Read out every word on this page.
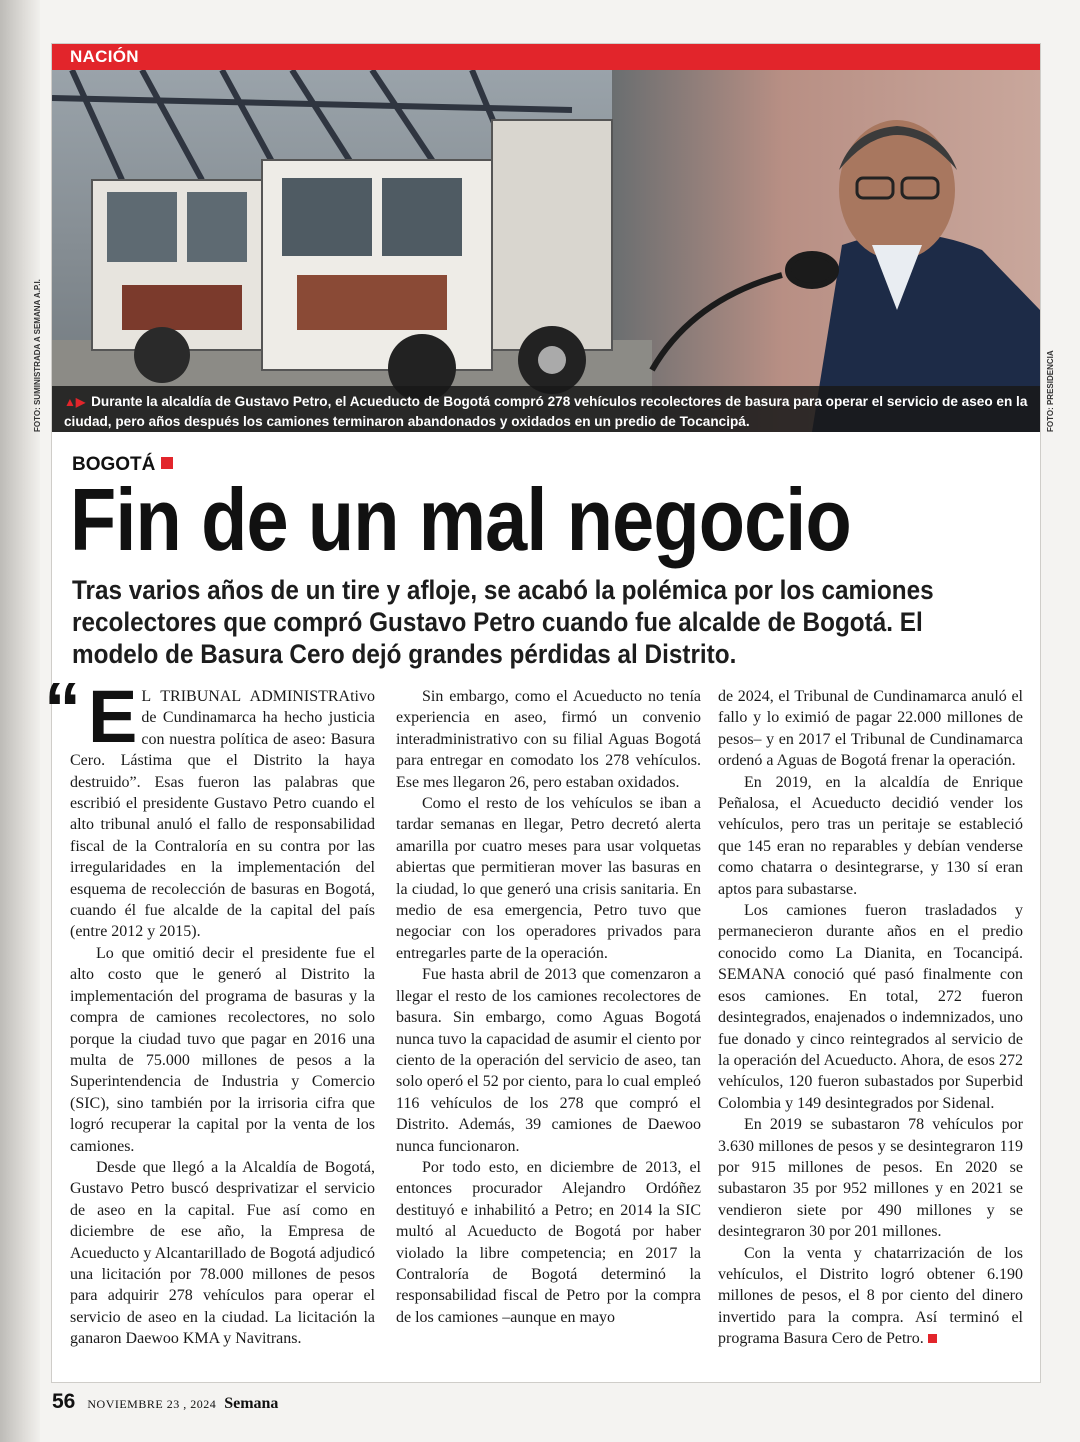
FOTO: SUMINISTRADA A SEMANA A.P.I.	FOTO: PRESIDENCIA
NACIÓN
▲▶ Durante la alcaldía de Gustavo Petro, el Acueducto de Bogotá compró 278 vehículos recolectores de basura para operar el servicio de aseo en la ciudad, pero años después los camiones terminaron abandonados y oxidados en un predio de Tocancipá.
BOGOTÁ
Fin de un mal negocio
Tras varios años de un tire y afloje, se acabó la polémica por los camiones recolectores que compró Gustavo Petro cuando fue alcalde de Bogotá. El modelo de Basura Cero dejó grandes pérdidas al Distrito.
“ E L TRIBUNAL ADMINISTRAtivo de Cundinamarca ha hecho justicia con nuestra política de aseo: Basura Cero. Lástima que el Distrito la haya destruido”. Esas fueron las palabras que escribió el presidente Gustavo Petro cuando el alto tribunal anuló el fallo de responsabilidad fiscal de la Contraloría en su contra por las irregularidades en la implementación del esquema de recolección de basuras en Bogotá, cuando él fue alcalde de la capital del país (entre 2012 y 2015).

Lo que omitió decir el presidente fue el alto costo que le generó al Distrito la implementación del programa de basuras y la compra de camiones recolectores, no solo porque la ciudad tuvo que pagar en 2016 una multa de 75.000 millones de pesos a la Superintendencia de Industria y Comercio (SIC), sino también por la irrisoria cifra que logró recuperar la capital por la venta de los camiones.

Desde que llegó a la Alcaldía de Bogotá, Gustavo Petro buscó desprivatizar el servicio de aseo en la capital. Fue así como en diciembre de ese año, la Empresa de Acueducto y Alcantarillado de Bogotá adjudicó una licitación por 78.000 millones de pesos para adquirir 278 vehículos para operar el servicio de aseo en la ciudad. La licitación la ganaron Daewoo KMA y Navitrans.

Sin embargo, como el Acueducto no tenía experiencia en aseo, firmó un convenio interadministrativo con su filial Aguas Bogotá para entregar en comodato los 278 vehículos. Ese mes llegaron 26, pero estaban oxidados.

Como el resto de los vehículos se iban a tardar semanas en llegar, Petro decretó alerta amarilla por cuatro meses para usar volquetas abiertas que permitieran mover las basuras en la ciudad, lo que generó una crisis sanitaria. En medio de esa emergencia, Petro tuvo que negociar con los operadores privados para entregarles parte de la operación.

Fue hasta abril de 2013 que comenzaron a llegar el resto de los camiones recolectores de basura. Sin embargo, como Aguas Bogotá nunca tuvo la capacidad de asumir el ciento por ciento de la operación del servicio de aseo, tan solo operó el 52 por ciento, para lo cual empleó 116 vehículos de los 278 que compró el Distrito. Además, 39 camiones de Daewoo nunca funcionaron.

Por todo esto, en diciembre de 2013, el entonces procurador Alejandro Ordóñez destituyó e inhabilitó a Petro; en 2014 la SIC multó al Acueducto de Bogotá por haber violado la libre competencia; en 2017 la Contraloría de Bogotá determinó la responsabilidad fiscal de Petro por la compra de los camiones –aunque en mayo

de 2024, el Tribunal de Cundinamarca anuló el fallo y lo eximió de pagar 22.000 millones de pesos– y en 2017 el Tribunal de Cundinamarca ordenó a Aguas de Bogotá frenar la operación.

En 2019, en la alcaldía de Enrique Peñalosa, el Acueducto decidió vender los vehículos, pero tras un peritaje se estableció que 145 eran no reparables y debían venderse como chatarra o desintegrarse, y 130 sí eran aptos para subastarse.

Los camiones fueron trasladados y permanecieron durante años en el predio conocido como La Dianita, en Tocancipá. SEMANA conoció qué pasó finalmente con esos camiones. En total, 272 fueron desintegrados, enajenados o indemnizados, uno fue donado y cinco reintegrados al servicio de la operación del Acueducto. Ahora, de esos 272 vehículos, 120 fueron subastados por Superbid Colombia y 149 desintegrados por Sidenal.

En 2019 se subastaron 78 vehículos por 3.630 millones de pesos y se desintegraron 119 por 915 millones de pesos. En 2020 se subastaron 35 por 952 millones y en 2021 se vendieron siete por 490 millones y se desintegraron 30 por 201 millones.

Con la venta y chatarrización de los vehículos, el Distrito logró obtener 6.190 millones de pesos, el 8 por ciento del dinero invertido para la compra. Así terminó el programa Basura Cero de Petro.

56 NOVIEMBRE 23 , 2024 Semana
